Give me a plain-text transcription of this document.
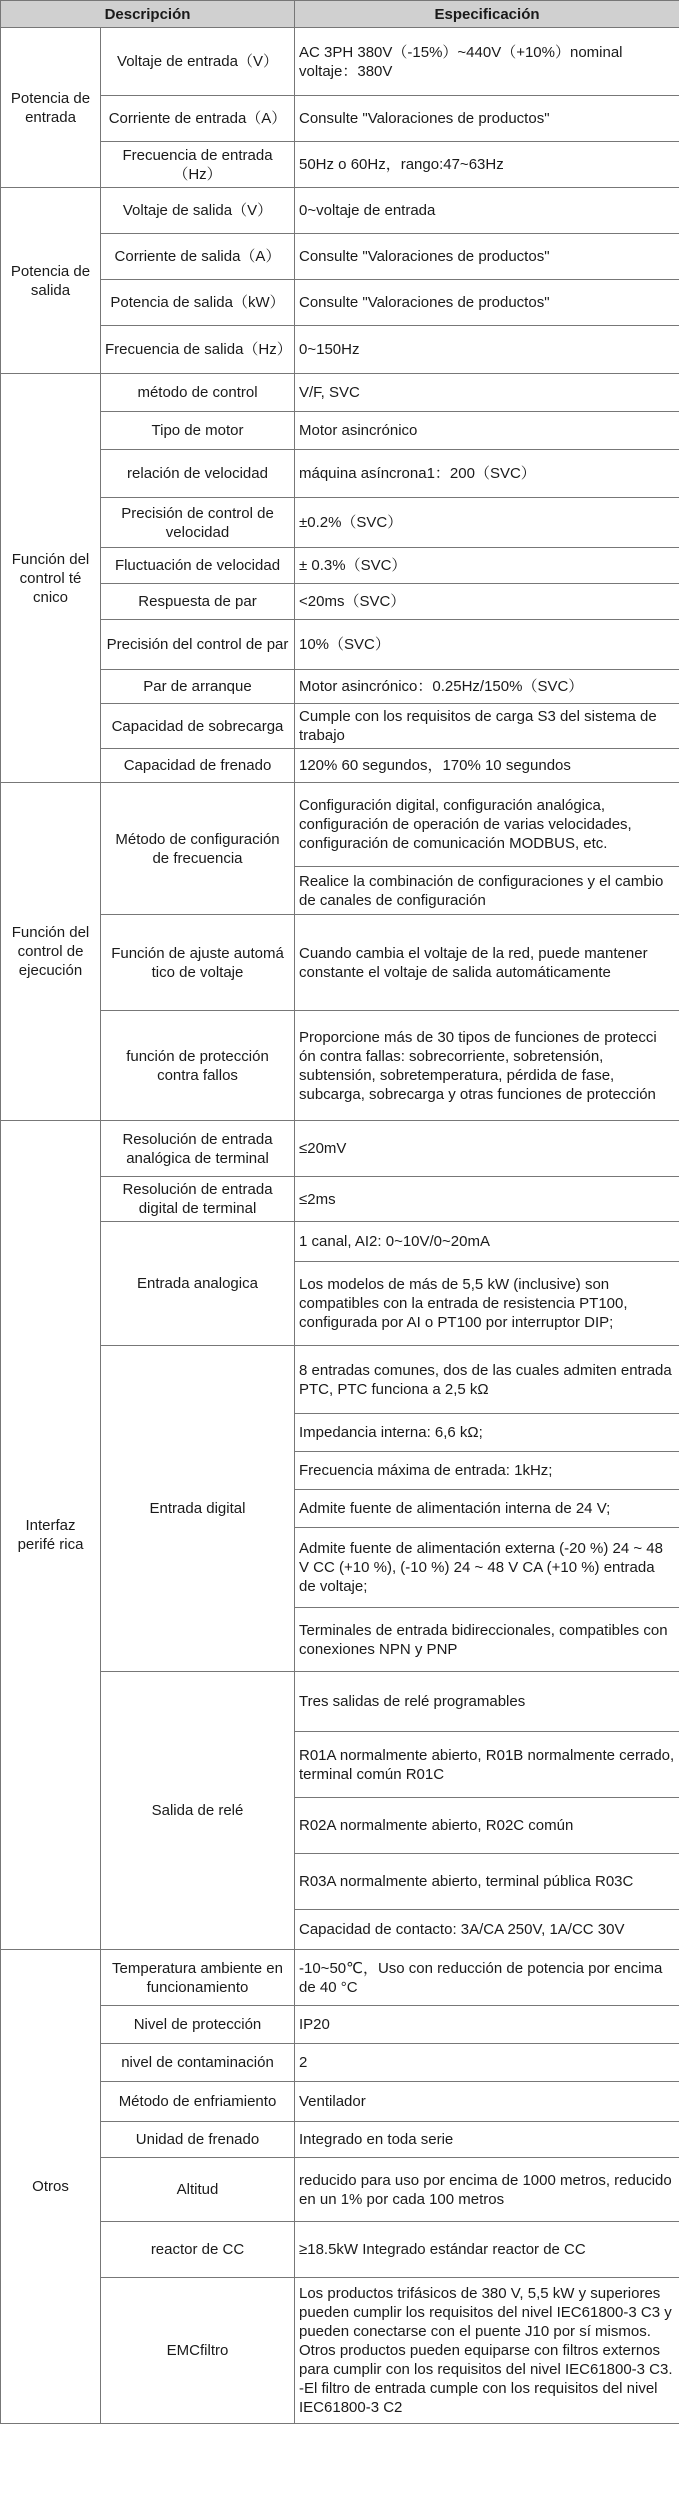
Descripción		Especificación
Potencia de entrada	Voltaje de entrada（V）	AC 3PH 380V（-15%）~440V（+10%）nominal voltaje：380V
	Corriente de entrada（A）	Consulte "Valoraciones de productos"
	Frecuencia de entrada（Hz）	50Hz o 60Hz，rango:47~63Hz
Potencia de salida	Voltaje de salida（V）	0~voltaje de entrada
	Corriente de salida（A）	Consulte "Valoraciones de productos"
	Potencia de salida（kW）	Consulte "Valoraciones de productos"
	Frecuencia de salida（Hz）	0~150Hz
Función del control té cnico	método de control	V/F, SVC
	Tipo de motor	Motor asincrónico
	relación de velocidad	máquina asíncrona1：200（SVC）
	Precisión de control de velocidad	±0.2%（SVC）
	Fluctuación de velocidad	± 0.3%（SVC）
	Respuesta de par	<20ms（SVC）
	Precisión del control de par	10%（SVC）
	Par de arranque	Motor asincrónico：0.25Hz/150%（SVC）
	Capacidad de sobrecarga	Cumple con los requisitos de carga S3 del sistema de trabajo
	Capacidad de frenado	120% 60 segundos，170% 10 segundos
Función del control de ejecución	Método de configuración de frecuencia	Configuración digital, configuración analógica, configuración de operación de varias velocidades, configuración de comunicación MODBUS, etc.
		Realice la combinación de configuraciones y el cambio de canales de configuración
	Función de ajuste automá tico de voltaje	Cuando cambia el voltaje de la red, puede mantener constante el voltaje de salida automáticamente
	función de protección contra fallos	Proporcione más de 30 tipos de funciones de protecci ón contra fallas: sobrecorriente, sobretensión, subtensión, sobretemperatura, pérdida de fase, subcarga, sobrecarga y otras funciones de protección
Interfaz perifé rica	Resolución de entrada analógica de terminal	≤20mV
	Resolución de entrada digital de terminal	≤2ms
	Entrada analogica	1 canal, AI2: 0~10V/0~20mA
		Los modelos de más de 5,5 kW (inclusive) son compatibles con la entrada de resistencia PT100, configurada por AI o PT100 por interruptor DIP;
	Entrada digital	8 entradas comunes, dos de las cuales admiten entrada PTC, PTC funciona a 2,5 kΩ
		Impedancia interna: 6,6 kΩ;
		Frecuencia máxima de entrada: 1kHz;
		Admite fuente de alimentación interna de 24 V;
		Admite fuente de alimentación externa (-20 %) 24 ~ 48 V CC (+10 %), (-10 %) 24 ~ 48 V CA (+10 %) entrada de voltaje;
		Terminales de entrada bidireccionales, compatibles con conexiones NPN y PNP
	Salida de relé	Tres salidas de relé programables
		R01A normalmente abierto, R01B normalmente cerrado, terminal común R01C
		R02A normalmente abierto, R02C común
		R03A normalmente abierto, terminal pública R03C
		Capacidad de contacto: 3A/CA 250V, 1A/CC 30V
Otros	Temperatura ambiente en funcionamiento	-10~50℃，Uso con reducción de potencia por encima de 40 °C
	Nivel de protección	IP20
	nivel de contaminación	2
	Método de enfriamiento	Ventilador
	Unidad de frenado	Integrado en toda serie
	Altitud	reducido para uso por encima de 1000 metros, reducido en un 1% por cada 100 metros
	reactor de CC	≥18.5kW Integrado estándar reactor de CC
	EMCfiltro	Los productos trifásicos de 380 V, 5,5 kW y superiores pueden cumplir los requisitos del nivel IEC61800-3 C3 y pueden conectarse con el puente J10 por sí mismos. Otros productos pueden equiparse con filtros externos para cumplir con los requisitos del nivel IEC61800-3 C3. -El filtro de entrada cumple con los requisitos del nivel IEC61800-3 C2
